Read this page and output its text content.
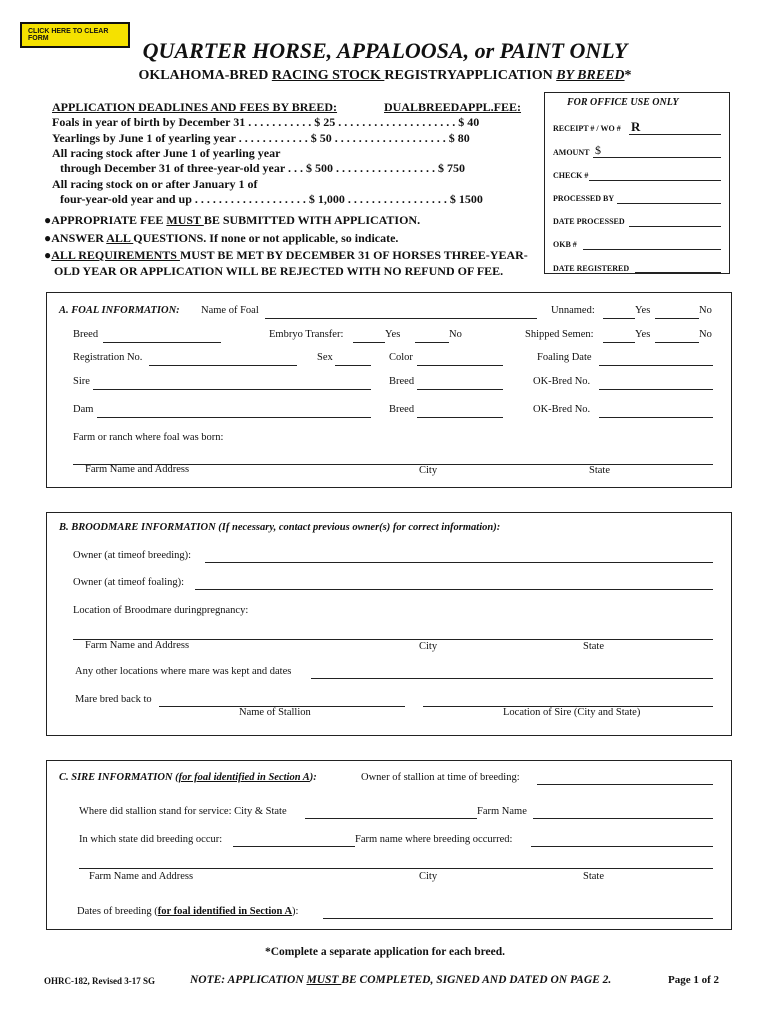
CLICK HERE TO CLEAR FORM	QUARTER HORSE, APPALOOSA, or PAINT ONLY
OKLAHOMA-BRED RACING STOCK REGISTRYAPPLICATION BY BREED*
APPLICATION DEADLINES AND FEES BY BREED:	DUALBREEDAPPL.FEE:
Foals in year of birth by December 31 . . . . . . . . . . . $ 25 . . . . . . . . . . . . . . . . . . . . $ 40
Yearlings by June 1 of yearling year . . . . . . . . . . . . $ 50 . . . . . . . . . . . . . . . . . . . $ 80
All racing stock after June 1 of yearling year
through December 31 of three-year-old year . . . $ 500 . . . . . . . . . . . . . . . . . $ 750
All racing stock on or after January 1 of
four-year-old year and up . . . . . . . . . . . . . . . . . . . $ 1,000 . . . . . . . . . . . . . . . . . $ 1500
●APPROPRIATE FEE MUST BE SUBMITTED WITH APPLICATION.
●ANSWER ALL QUESTIONS. If none or not applicable, so indicate.
●ALL REQUIREMENTS MUST BE MET BY DECEMBER 31 OF HORSES THREE-YEAR-
OLD YEAR OR APPLICATION WILL BE REJECTED WITH NO REFUND OF FEE.
FOR OFFICE USE ONLY
RECEIPT # / WO # R
AMOUNT $
CHECK #
PROCESSED BY
DATE PROCESSED
OKB #
DATE REGISTERED
A. FOAL INFORMATION: Name of Foal	Unnamed:	Yes	No
Breed	Embryo Transfer:	Yes	No	Shipped Semen:	Yes	No
Registration No.	Sex	Color	Foaling Date
Sire	Breed	OK-Bred No.
Dam	Breed	OK-Bred No.
Farm or ranch where foal was born:
Farm Name and Address	City	State
B. BROODMARE INFORMATION (If necessary, contact previous owner(s) for correct information):
Owner (at timeof breeding):
Owner (at timeof foaling):
Location of Broodmare duringpregnancy:
Farm Name and Address	City	State
Any other locations where mare was kept and dates
Mare bred back to
Name of Stallion	Location of Sire (City and State)
C. SIRE INFORMATION (for foal identified in Section A):	Owner of stallion at time of breeding:
Where did stallion stand for service: City & State	Farm Name
In which state did breeding occur:	Farm name where breeding occurred:
Farm Name and Address	City	State
Dates of breeding (for foal identified in Section A):
*Complete a separate application for each breed.
OHRC-182, Revised 3-17 SG	NOTE: APPLICATION MUST BE COMPLETED, SIGNED AND DATED ON PAGE 2.	Page 1 of 2
